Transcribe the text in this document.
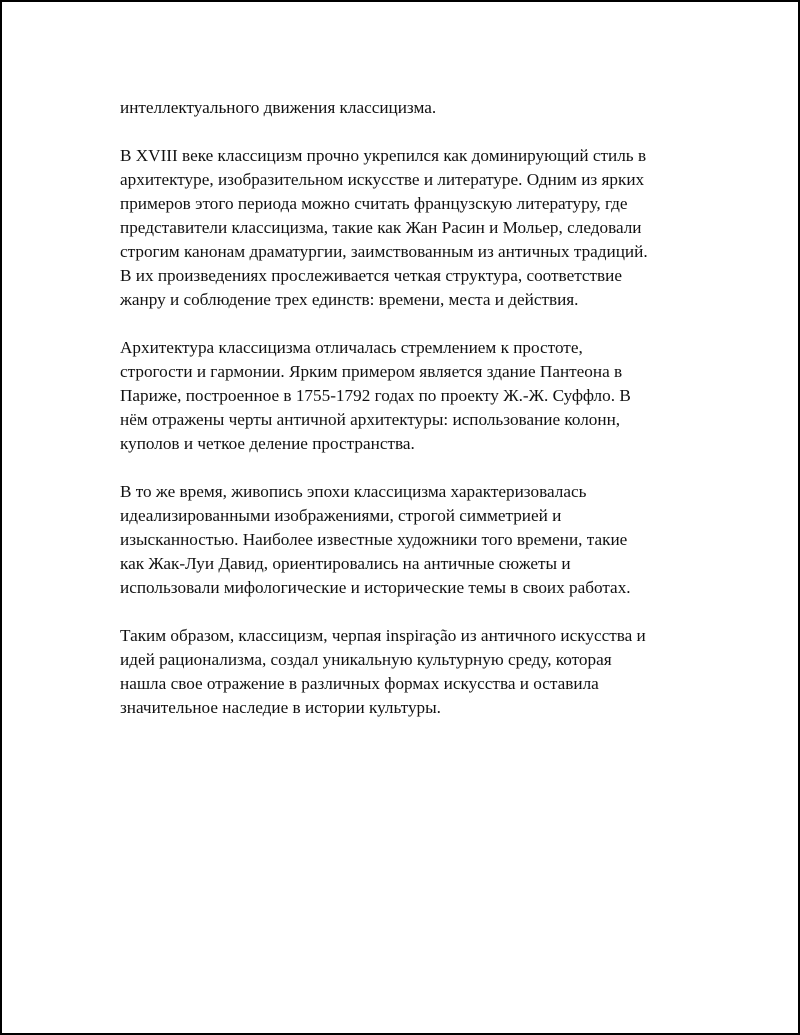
интеллектуального движения классицизма.

В XVIII веке классицизм прочно укрепился как доминирующий стиль в
архитектуре, изобразительном искусстве и литературе. Одним из ярких
примеров этого периода можно считать французскую литературу, где
представители классицизма, такие как Жан Расин и Мольер, следовали
строгим канонам драматургии, заимствованным из античных традиций.
В их произведениях прослеживается четкая структура, соответствие
жанру и соблюдение трех единств: времени, места и действия.

Архитектура классицизма отличалась стремлением к простоте,
строгости и гармонии. Ярким примером является здание Пантеона в
Париже, построенное в 1755-1792 годах по проекту Ж.-Ж. Суффло. В
нём отражены черты античной архитектуры: использование колонн,
куполов и четкое деление пространства.

В то же время, живопись эпохи классицизма характеризовалась
идеализированными изображениями, строгой симметрией и
изысканностью. Наиболее известные художники того времени, такие
как Жак-Луи Давид, ориентировались на античные сюжеты и
использовали мифологические и исторические темы в своих работах.

Таким образом, классицизм, черпая inspiração из античного искусства и
идей рационализма, создал уникальную культурную среду, которая
нашла свое отражение в различных формах искусства и оставила
значительное наследие в истории культуры.
